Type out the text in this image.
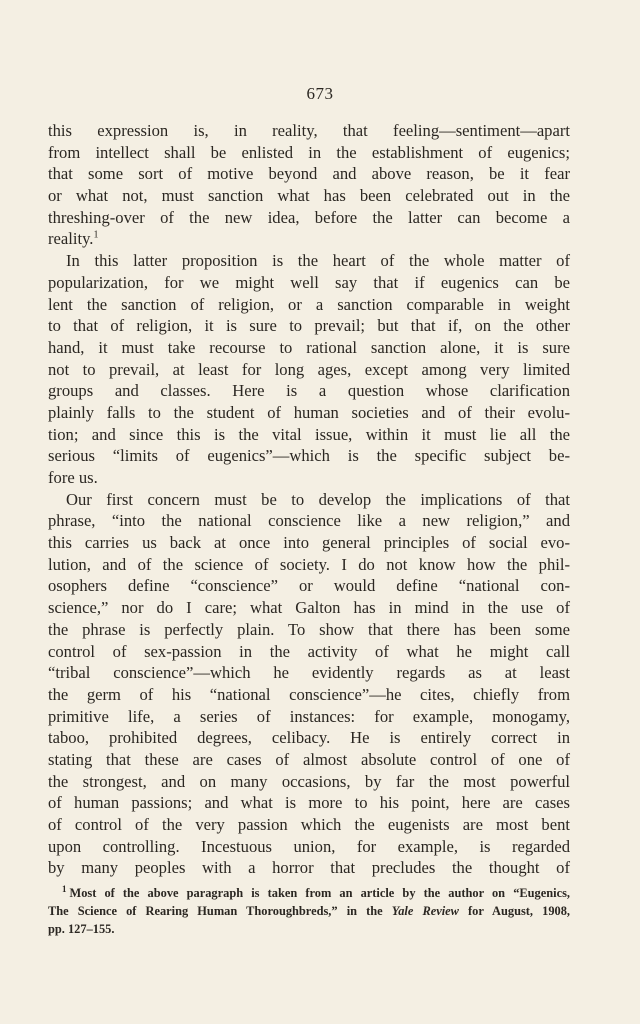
673
this expression is, in reality, that feeling—sentiment—apart
from intellect shall be enlisted in the establishment of eugenics;
that some sort of motive beyond and above reason, be it fear
or what not, must sanction what has been celebrated out in the
threshing-over of the new idea, before the latter can become a
reality.$^1$
In this latter proposition is the heart of the whole matter of
popularization, for we might well say that if eugenics can be
lent the sanction of religion, or a sanction comparable in weight
to that of religion, it is sure to prevail; but that if, on the other
hand, it must take recourse to rational sanction alone, it is sure
not to prevail, at least for long ages, except among very limited
groups and classes. Here is a question whose clarification
plainly falls to the student of human societies and of their evolu-
tion; and since this is the vital issue, within it must lie all the
serious “limits of eugenics”—which is the specific subject be-
fore us.
Our first concern must be to develop the implications of that
phrase, “into the national conscience like a new religion,” and
this carries us back at once into general principles of social evo-
lution, and of the science of society. I do not know how the phil-
osophers define “conscience” or would define “national con-
science,” nor do I care; what Galton has in mind in the use of
the phrase is perfectly plain. To show that there has been some
control of sex-passion in the activity of what he might call
“tribal conscience”—which he evidently regards as at least
the germ of his “national conscience”—he cites, chiefly from
primitive life, a series of instances: for example, monogamy,
taboo, prohibited degrees, celibacy. He is entirely correct in
stating that these are cases of almost absolute control of one of
the strongest, and on many occasions, by far the most powerful
of human passions; and what is more to his point, here are cases
of control of the very passion which the eugenists are most bent
upon controlling. Incestuous union, for example, is regarded
by many peoples with a horror that precludes the thought of
$^1$ Most of the above paragraph is taken from an article by the author on “Eugenics,
The Science of Rearing Human Thoroughbreds,” in the Yale Review for August, 1908,
pp. 127–155.
